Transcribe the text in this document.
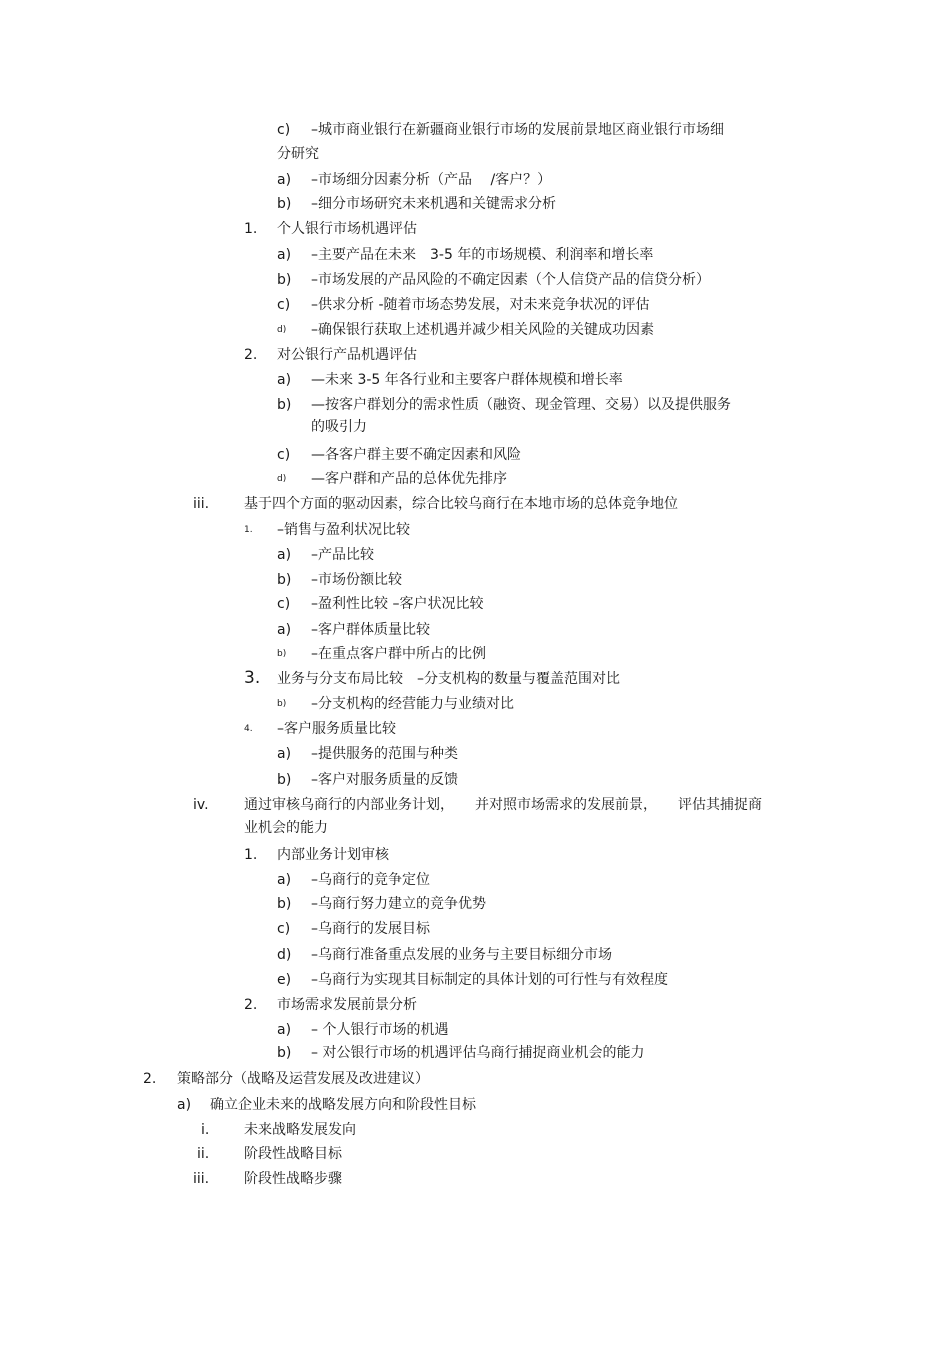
c) –城市商业银行在新疆商业银行市场的发展前景地区商业银行市场细
分研究
a) –市场细分因素分析（产品　 /客户？）
b) –细分市场研究未来机遇和关键需求分析
1. 个人银行市场机遇评估
a) –主要产品在未来　3-5 年的市场规模、利润率和增长率
b) –市场发展的产品风险的不确定因素（个人信贷产品的信贷分析）
c) –供求分析 -随着市场态势发展，对未来竞争状况的评估
d) –确保银行获取上述机遇并减少相关风险的关键成功因素
2. 对公银行产品机遇评估
a) —未来 3-5 年各行业和主要客户群体规模和增长率
b) —按客户群划分的需求性质（融资、现金管理、交易）以及提供服务
的吸引力
c) —各客户群主要不确定因素和风险
d) —客户群和产品的总体优先排序
iii. 基于四个方面的驱动因素，综合比较乌商行在本地市场的总体竞争地位
1. –销售与盈利状况比较
a) –产品比较
b) –市场份额比较
c) –盈利性比较 –客户状况比较
a) –客户群体质量比较
b) –在重点客户群中所占的比例
3. 业务与分支布局比较　–分支机构的数量与覆盖范围对比
b) –分支机构的经营能力与业绩对比
4. –客户服务质量比较
a) –提供服务的范围与种类
b) –客户对服务质量的反馈
iv.	通过审核乌商行的内部业务计划，　　并对照市场需求的发展前景，　　评估其捕捉商
业机会的能力
1. 内部业务计划审核
a) –乌商行的竞争定位
b) –乌商行努力建立的竞争优势
c) –乌商行的发展目标
d) –乌商行准备重点发展的业务与主要目标细分市场
e) –乌商行为实现其目标制定的具体计划的可行性与有效程度
2. 市场需求发展前景分析
a) – 个人银行市场的机遇
b) – 对公银行市场的机遇评估乌商行捕捉商业机会的能力
2. 策略部分（战略及运营发展及改进建议）
a) 确立企业未来的战略发展方向和阶段性目标
i. 未来战略发展发向
ii. 阶段性战略目标
iii. 阶段性战略步骤
